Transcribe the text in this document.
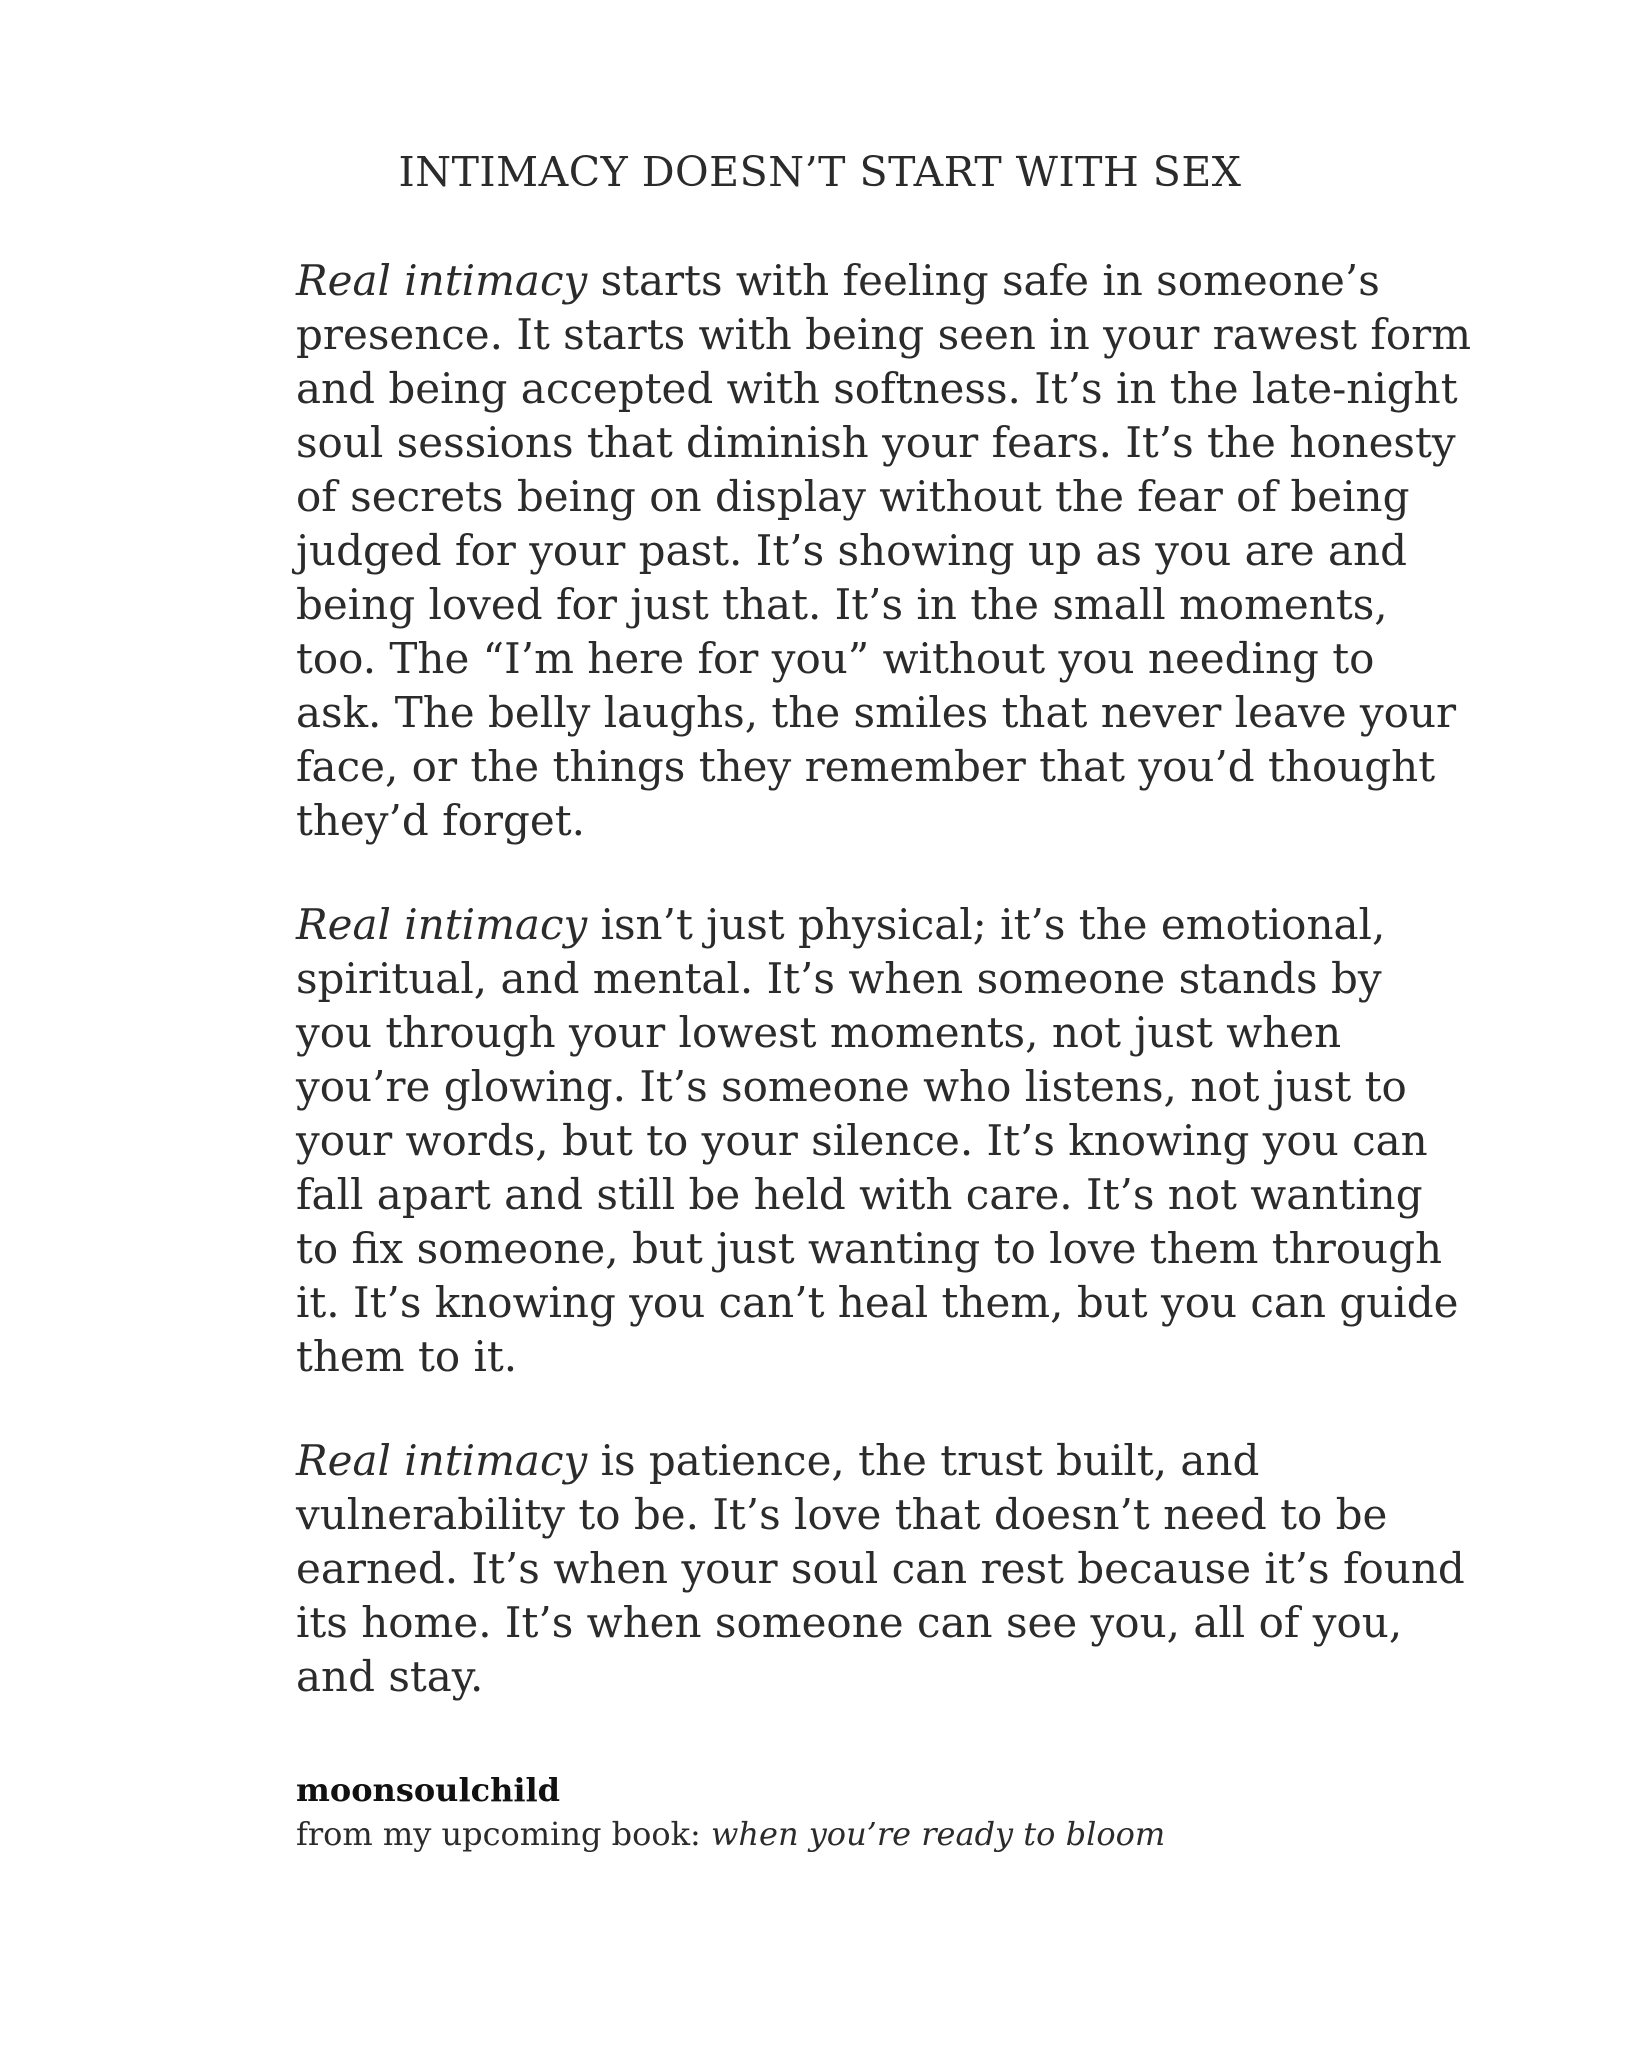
INTIMACY DOESN’T START WITH SEX

Real intimacy starts with feeling safe in someone’s
presence. It starts with being seen in your rawest form
and being accepted with softness. It’s in the late-night
soul sessions that diminish your fears. It’s the honesty
of secrets being on display without the fear of being
judged for your past. It’s showing up as you are and
being loved for just that. It’s in the small moments,
too. The “I’m here for you” without you needing to
ask. The belly laughs, the smiles that never leave your
face, or the things they remember that you’d thought
they’d forget.

Real intimacy isn’t just physical; it’s the emotional,
spiritual, and mental. It’s when someone stands by
you through your lowest moments, not just when
you’re glowing. It’s someone who listens, not just to
your words, but to your silence. It’s knowing you can
fall apart and still be held with care. It’s not wanting
to fix someone, but just wanting to love them through
it. It’s knowing you can’t heal them, but you can guide
them to it.

Real intimacy is patience, the trust built, and
vulnerability to be. It’s love that doesn’t need to be
earned. It’s when your soul can rest because it’s found
its home. It’s when someone can see you, all of you,
and stay.

moonsoulchild

from my upcoming book: when you’re ready to bloom
